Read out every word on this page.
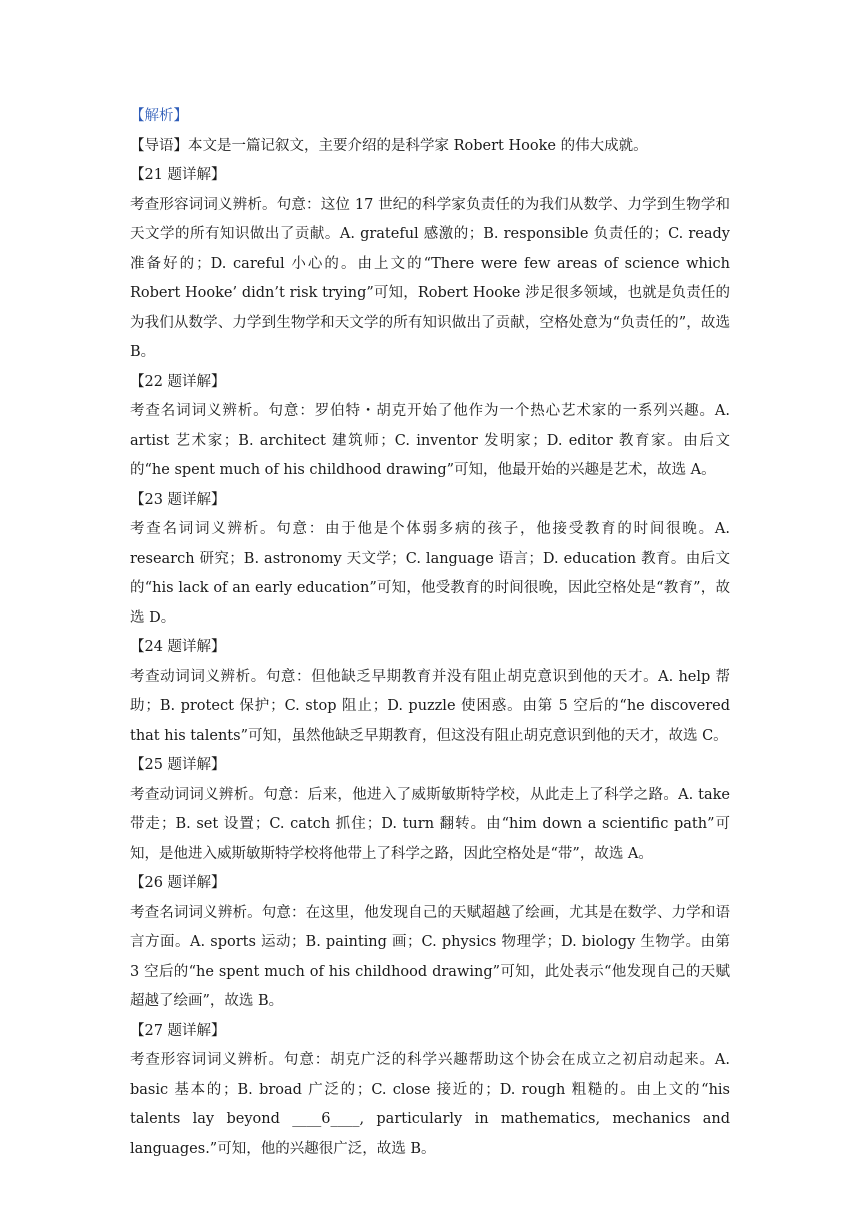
【解析】

【导语】本文是一篇记叙文，主要介绍的是科学家 Robert Hooke 的伟大成就。

【21 题详解】

考查形容词词义辨析。句意：这位 17 世纪的科学家负责任的为我们从数学、力学到生物学和天文学的所有知识做出了贡献。A. grateful 感激的；B. responsible 负责任的；C. ready 准备好的；D. careful 小心的。由上文的“There were few areas of science which Robert Hooke’ didn’t risk trying”可知，Robert Hooke 涉足很多领域，也就是负责任的为我们从数学、力学到生物学和天文学的所有知识做出了贡献，空格处意为“负责任的”，故选 B。

【22 题详解】

考查名词词义辨析。句意：罗伯特・胡克开始了他作为一个热心艺术家的一系列兴趣。A. artist 艺术家；B. architect 建筑师；C. inventor 发明家；D. editor 教育家。由后文的“he spent much of his childhood drawing”可知，他最开始的兴趣是艺术，故选 A。

【23 题详解】

考查名词词义辨析。句意：由于他是个体弱多病的孩子，他接受教育的时间很晚。A. research 研究；B. astronomy 天文学；C. language 语言；D. education 教育。由后文的“his lack of an early education”可知，他受教育的时间很晚，因此空格处是“教育”，故选 D。

【24 题详解】

考查动词词义辨析。句意：但他缺乏早期教育并没有阻止胡克意识到他的天才。A. help 帮助；B. protect 保护；C. stop 阻止；D. puzzle 使困惑。由第 5 空后的“he discovered that his talents”可知，虽然他缺乏早期教育，但这没有阻止胡克意识到他的天才，故选 C。

【25 题详解】

考查动词词义辨析。句意：后来，他进入了威斯敏斯特学校，从此走上了科学之路。A. take 带走；B. set 设置；C. catch 抓住；D. turn 翻转。由“him down a scientific path”可知，是他进入威斯敏斯特学校将他带上了科学之路，因此空格处是“带”，故选 A。

【26 题详解】

考查名词词义辨析。句意：在这里，他发现自己的天赋超越了绘画，尤其是在数学、力学和语言方面。A. sports 运动；B. painting 画；C. physics 物理学；D. biology 生物学。由第 3 空后的“he spent much of his childhood drawing”可知，此处表示“他发现自己的天赋超越了绘画”，故选 B。

【27 题详解】

考查形容词词义辨析。句意：胡克广泛的科学兴趣帮助这个协会在成立之初启动起来。A. basic 基本的；B. broad 广泛的；C. close 接近的；D. rough 粗糙的。由上文的“his talents lay beyond ____6____, particularly in mathematics, mechanics and languages.”可知，他的兴趣很广泛，故选 B。
